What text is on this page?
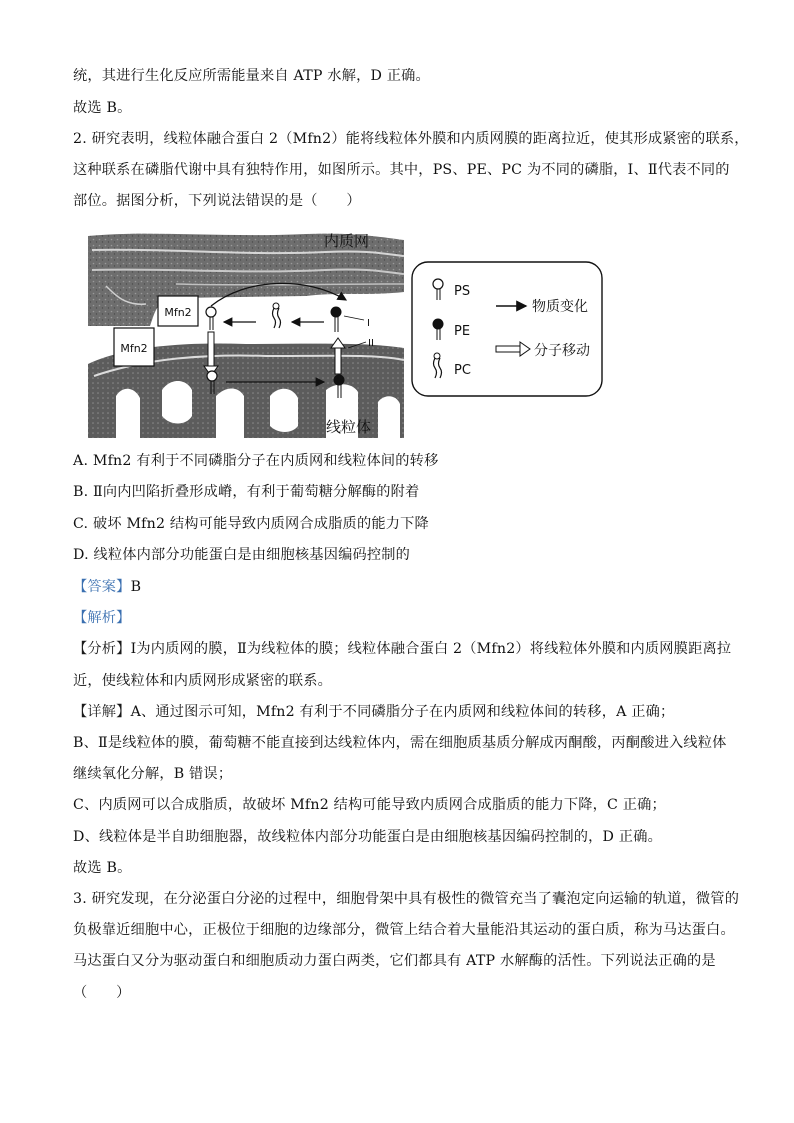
统，其进行生化反应所需能量来自 ATP 水解，D 正确。
故选 B。
2. 研究表明，线粒体融合蛋白 2（Mfn2）能将线粒体外膜和内质网膜的距离拉近，使其形成紧密的联系，
这种联系在磷脂代谢中具有独特作用，如图所示。其中，PS、PE、PC 为不同的磷脂，Ⅰ、Ⅱ代表不同的
部位。据图分析，下列说法错误的是（　　）
Mfn2
Mfn2
I
II
内质网
线粒体
PS
PE
PC
物质变化
分子移动
A. Mfn2 有利于不同磷脂分子在内质网和线粒体间的转移
B. Ⅱ向内凹陷折叠形成嵴，有利于葡萄糖分解酶的附着
C. 破坏 Mfn2 结构可能导致内质网合成脂质的能力下降
D. 线粒体内部分功能蛋白是由细胞核基因编码控制的
【答案】B
【解析】
【分析】Ⅰ为内质网的膜，Ⅱ为线粒体的膜；线粒体融合蛋白 2（Mfn2）将线粒体外膜和内质网膜距离拉
近，使线粒体和内质网形成紧密的联系。
【详解】A、通过图示可知，Mfn2 有利于不同磷脂分子在内质网和线粒体间的转移，A 正确；
B、Ⅱ是线粒体的膜，葡萄糖不能直接到达线粒体内，需在细胞质基质分解成丙酮酸，丙酮酸进入线粒体
继续氧化分解，B 错误；
C、内质网可以合成脂质，故破坏 Mfn2 结构可能导致内质网合成脂质的能力下降，C 正确；
D、线粒体是半自助细胞器，故线粒体内部分功能蛋白是由细胞核基因编码控制的，D 正确。
故选 B。
3. 研究发现，在分泌蛋白分泌的过程中，细胞骨架中具有极性的微管充当了囊泡定向运输的轨道，微管的
负极靠近细胞中心，正极位于细胞的边缘部分，微管上结合着大量能沿其运动的蛋白质，称为马达蛋白。
马达蛋白又分为驱动蛋白和细胞质动力蛋白两类，它们都具有 ATP 水解酶的活性。下列说法正确的是
（　　）
